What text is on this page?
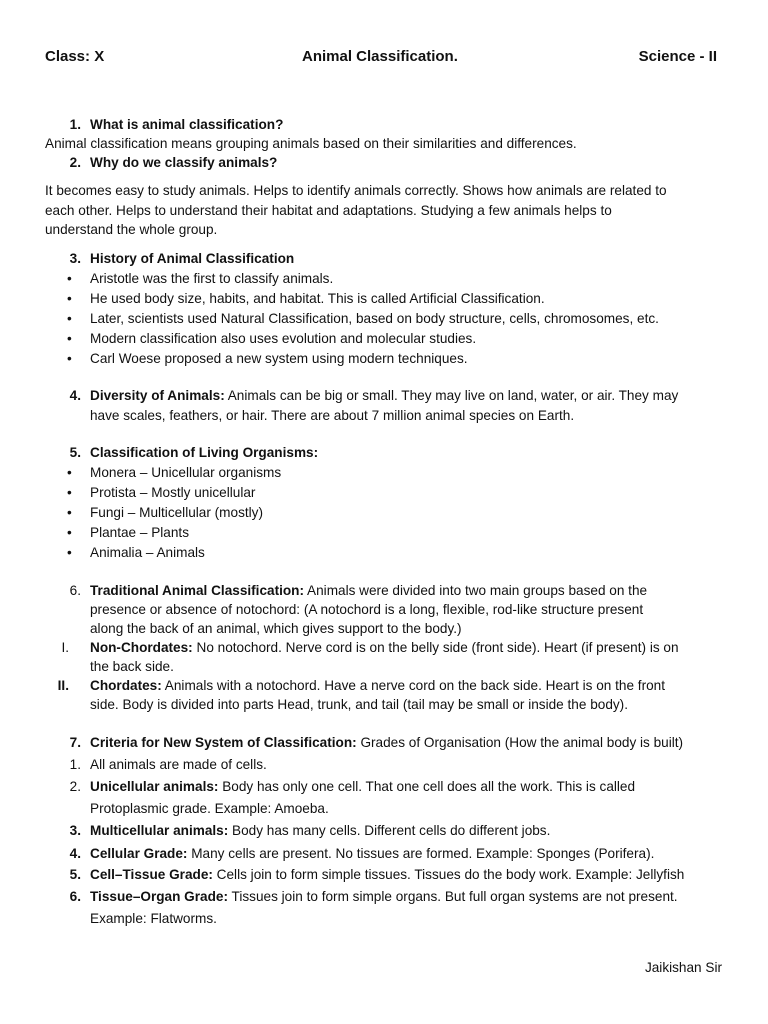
Class: X	Animal Classification.	Science - II
1. What is animal classification?
Animal classification means grouping animals based on their similarities and differences.
2. Why do we classify animals?
It becomes easy to study animals. Helps to identify animals correctly. Shows how animals are related to
each other. Helps to understand their habitat and adaptations. Studying a few animals helps to
understand the whole group.
3. History of Animal Classification
• Aristotle was the first to classify animals.
• He used body size, habits, and habitat. This is called Artificial Classification.
• Later, scientists used Natural Classification, based on body structure, cells, chromosomes, etc.
• Modern classification also uses evolution and molecular studies.
• Carl Woese proposed a new system using modern techniques.
4. Diversity of Animals: Animals can be big or small. They may live on land, water, or air. They may
have scales, feathers, or hair. There are about 7 million animal species on Earth.
5. Classification of Living Organisms:
• Monera – Unicellular organisms
• Protista – Mostly unicellular
• Fungi – Multicellular (mostly)
• Plantae – Plants
• Animalia – Animals
6. Traditional Animal Classification: Animals were divided into two main groups based on the
presence or absence of notochord: (A notochord is a long, flexible, rod-like structure present
along the back of an animal, which gives support to the body.)
I. Non-Chordates: No notochord. Nerve cord is on the belly side (front side). Heart (if present) is on
the back side.
II. Chordates: Animals with a notochord. Have a nerve cord on the back side. Heart is on the front
side. Body is divided into parts Head, trunk, and tail (tail may be small or inside the body).
7. Criteria for New System of Classification: Grades of Organisation (How the animal body is built)
1. All animals are made of cells.
2. Unicellular animals: Body has only one cell. That one cell does all the work. This is called
Protoplasmic grade. Example: Amoeba.
3. Multicellular animals: Body has many cells. Different cells do different jobs.
4. Cellular Grade: Many cells are present. No tissues are formed. Example: Sponges (Porifera).
5. Cell–Tissue Grade: Cells join to form simple tissues. Tissues do the body work. Example: Jellyfish
6. Tissue–Organ Grade: Tissues join to form simple organs. But full organ systems are not present.
Example: Flatworms.
Jaikishan Sir
